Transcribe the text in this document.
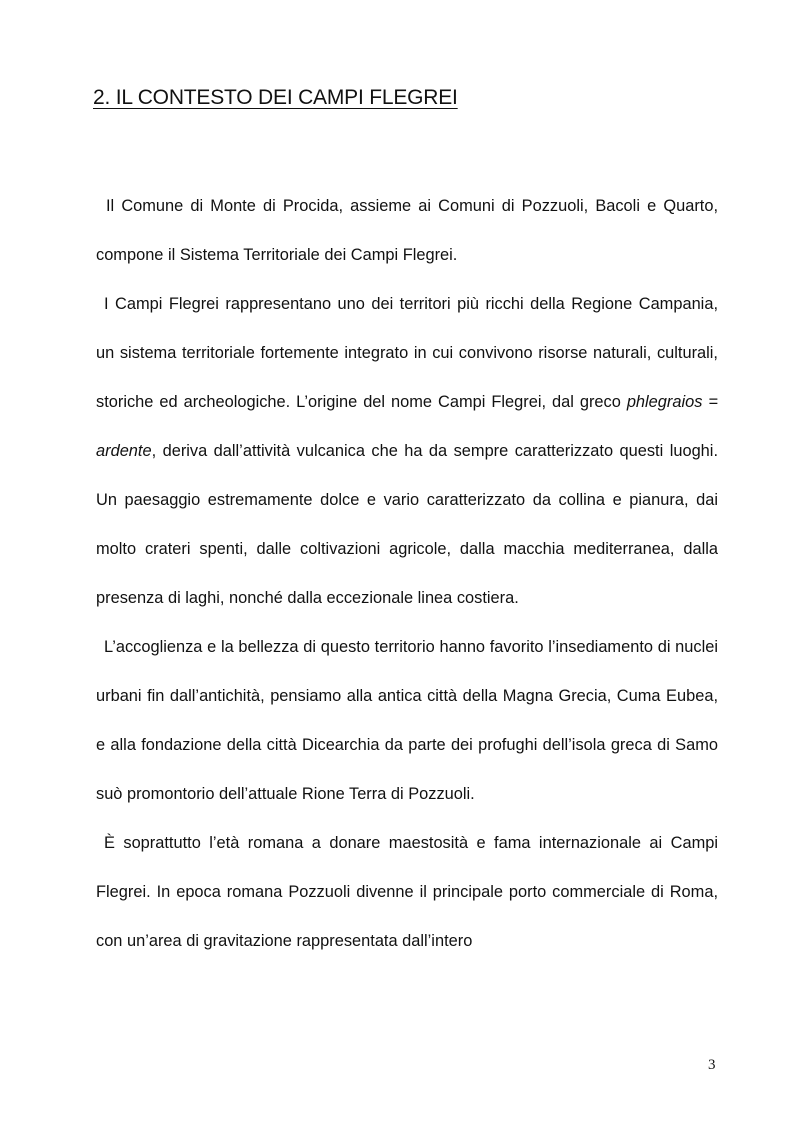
2. IL CONTESTO DEI CAMPI FLEGREI

Il Comune di Monte di Procida, assieme ai Comuni di Pozzuoli, Bacoli e Quarto, compone il Sistema Territoriale dei Campi Flegrei.

I Campi Flegrei rappresentano uno dei territori più ricchi della Regione Campania, un sistema territoriale fortemente integrato in cui convivono risorse naturali, culturali, storiche ed archeologiche. L’origine del nome Campi Flegrei, dal greco phlegraios = ardente, deriva dall’attività vulcanica che ha da sempre caratterizzato questi luoghi. Un paesaggio estremamente dolce e vario caratterizzato da collina e pianura, dai molto crateri spenti, dalle coltivazioni agricole, dalla macchia mediterranea, dalla presenza di laghi, nonché dalla eccezionale linea costiera.

L’accoglienza e la bellezza di questo territorio hanno favorito l’insediamento di nuclei urbani fin dall’antichità, pensiamo alla antica città della Magna Grecia, Cuma Eubea, e alla fondazione della città Dicearchia da parte dei profughi dell’isola greca di Samo suò promontorio dell’attuale Rione Terra di Pozzuoli.

È soprattutto l’età romana a donare maestosità e fama internazionale ai Campi Flegrei. In epoca romana Pozzuoli divenne il principale porto commerciale di Roma, con un’area di gravitazione rappresentata dall’intero

3
